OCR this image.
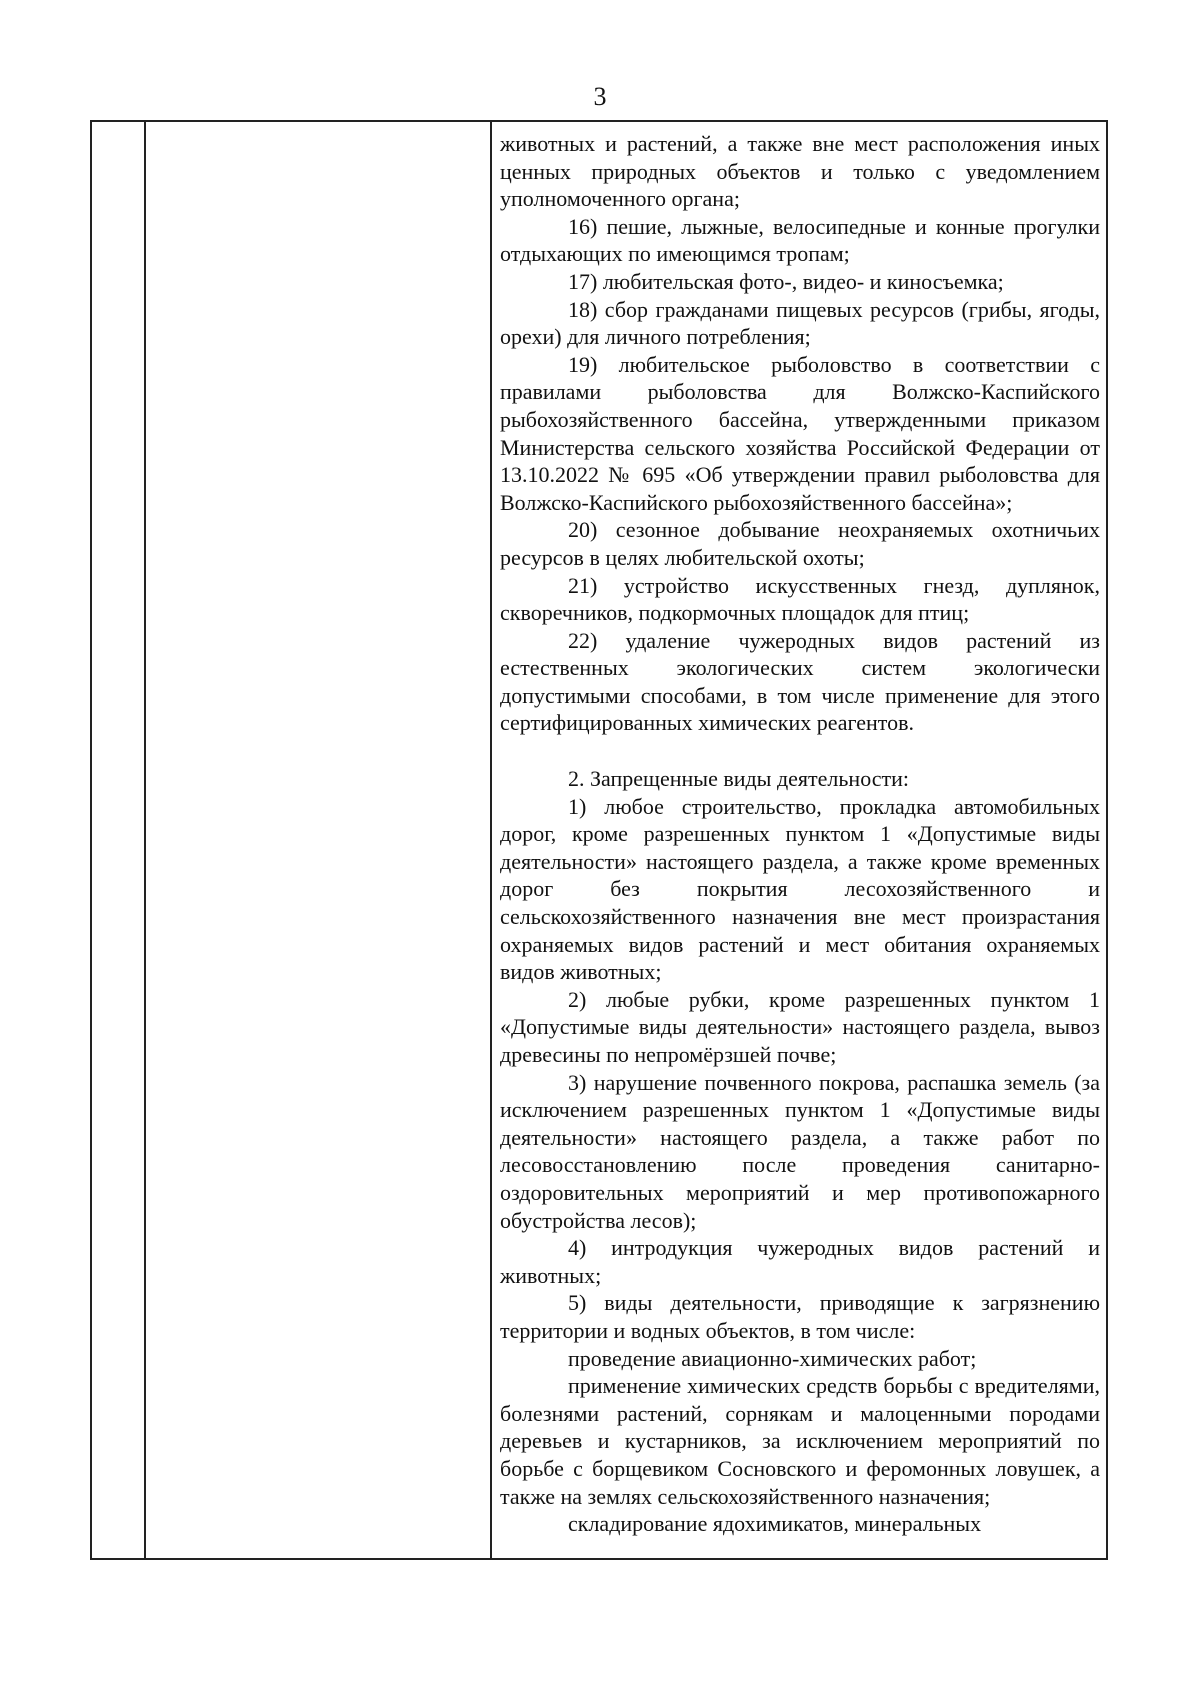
3

животных и растений, а также вне мест расположения иных ценных природных объектов и только с уведомлением уполномоченного органа;

16) пешие, лыжные, велосипедные и конные прогулки отдыхающих по имеющимся тропам;

17) любительская фото-, видео- и киносъемка;

18) сбор гражданами пищевых ресурсов (грибы, ягоды, орехи) для личного потребления;

19) любительское рыболовство в соответствии с правилами рыболовства для Волжско-Каспийского рыбохозяйственного бассейна, утвержденными приказом Министерства сельского хозяйства Российской Федерации от 13.10.2022 № 695 «Об утверждении правил рыболовства для Волжско-Каспийского рыбохозяйственного бассейна»;

20) сезонное добывание неохраняемых охотничьих ресурсов в целях любительской охоты;

21) устройство искусственных гнезд, дуплянок, скворечников, подкормочных площадок для птиц;

22) удаление чужеродных видов растений из естественных экологических систем экологически допустимыми способами, в том числе применение для этого сертифицированных химических реагентов.

2. Запрещенные виды деятельности:

1) любое строительство, прокладка автомобильных дорог, кроме разрешенных пунктом 1 «Допустимые виды деятельности» настоящего раздела, а также кроме временных дорог без покрытия лесохозяйственного и сельскохозяйственного назначения вне мест произрастания охраняемых видов растений и мест обитания охраняемых видов животных;

2) любые рубки, кроме разрешенных пунктом 1 «Допустимые виды деятельности» настоящего раздела, вывоз древесины по непромёрзшей почве;

3) нарушение почвенного покрова, распашка земель (за исключением разрешенных пунктом 1 «Допустимые виды деятельности» настоящего раздела, а также работ по лесовосстановлению после проведения санитарно-оздоровительных мероприятий и мер противопожарного обустройства лесов);

4) интродукция чужеродных видов растений и животных;

5) виды деятельности, приводящие к загрязнению территории и водных объектов, в том числе:

проведение авиационно-химических работ;

применение химических средств борьбы с вредителями, болезнями растений, сорнякам и малоценными породами деревьев и кустарников, за исключением мероприятий по борьбе с борщевиком Сосновского и феромонных ловушек, а также на землях сельскохозяйственного назначения;

складирование ядохимикатов, минеральных
